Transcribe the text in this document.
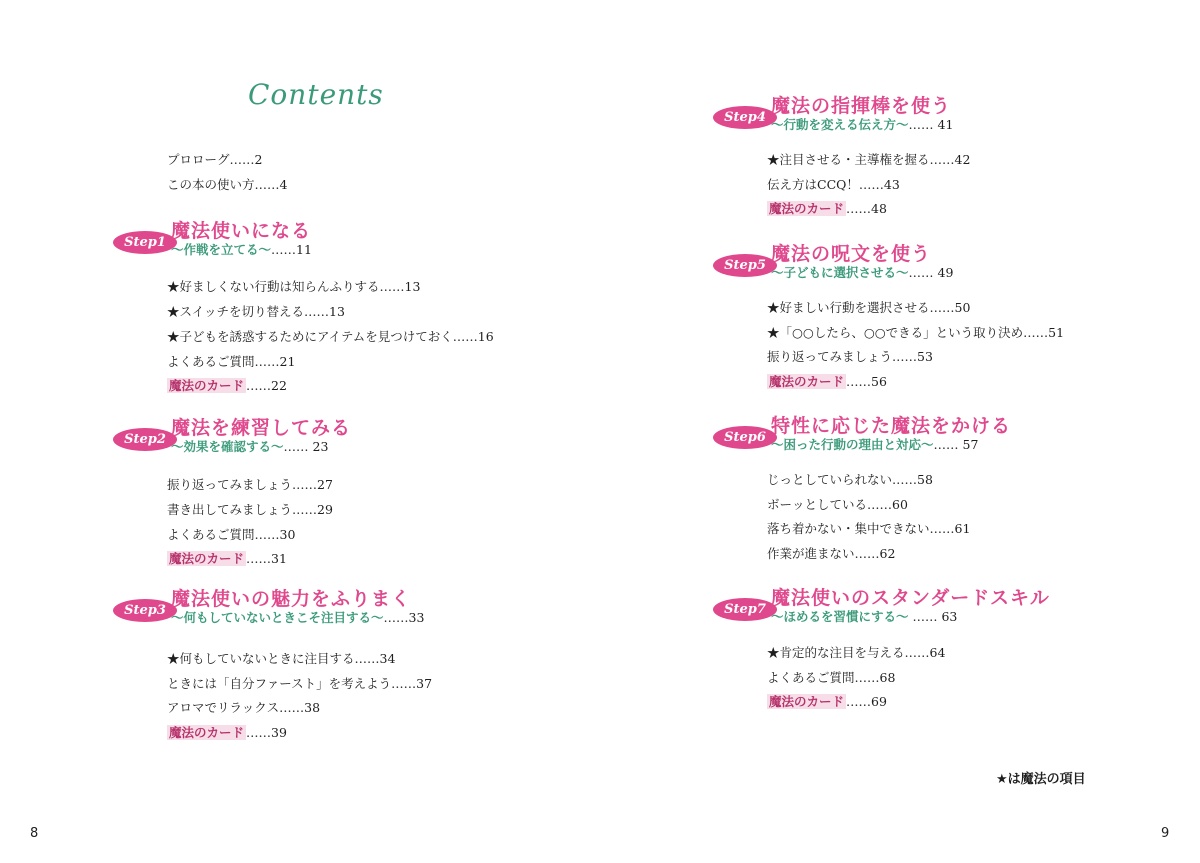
Contents
プロローグ……2
この本の使い方……4
Step1
魔法使いになる
～作戦を立てる～……11
★好ましくない行動は知らんふりする……13
★スイッチを切り替える……13
★子どもを誘惑するためにアイテムを見つけておく……16
よくあるご質問……21
魔法のカード ……22
Step2
魔法を練習してみる
～効果を確認する～…… 23
振り返ってみましょう……27
書き出してみましょう……29
よくあるご質問……30
魔法のカード ……31
Step3
魔法使いの魅力をふりまく
～何もしていないときこそ注目する～……33
★何もしていないときに注目する……34
ときには「自分ファースト」を考えよう……37
アロマでリラックス……38
魔法のカード ……39
8
Step4
魔法の指揮棒を使う
～行動を変える伝え方～…… 41
★注目させる・主導権を握る……42
伝え方はCCQ！……43
魔法のカード ……48
Step5
魔法の呪文を使う
～子どもに選択させる～…… 49
★好ましい行動を選択させる……50
★「○○したら、○○できる」という取り決め……51
振り返ってみましょう……53
魔法のカード ……56
Step6
特性に応じた魔法をかける
～困った行動の理由と対応～…… 57
じっとしていられない……58
ボーッとしている……60
落ち着かない・集中できない……61
作業が進まない……62
Step7
魔法使いのスタンダードスキル
～ほめるを習慣にする～ …… 63
★肯定的な注目を与える……64
よくあるご質問……68
魔法のカード ……69
9
★は魔法の項目
